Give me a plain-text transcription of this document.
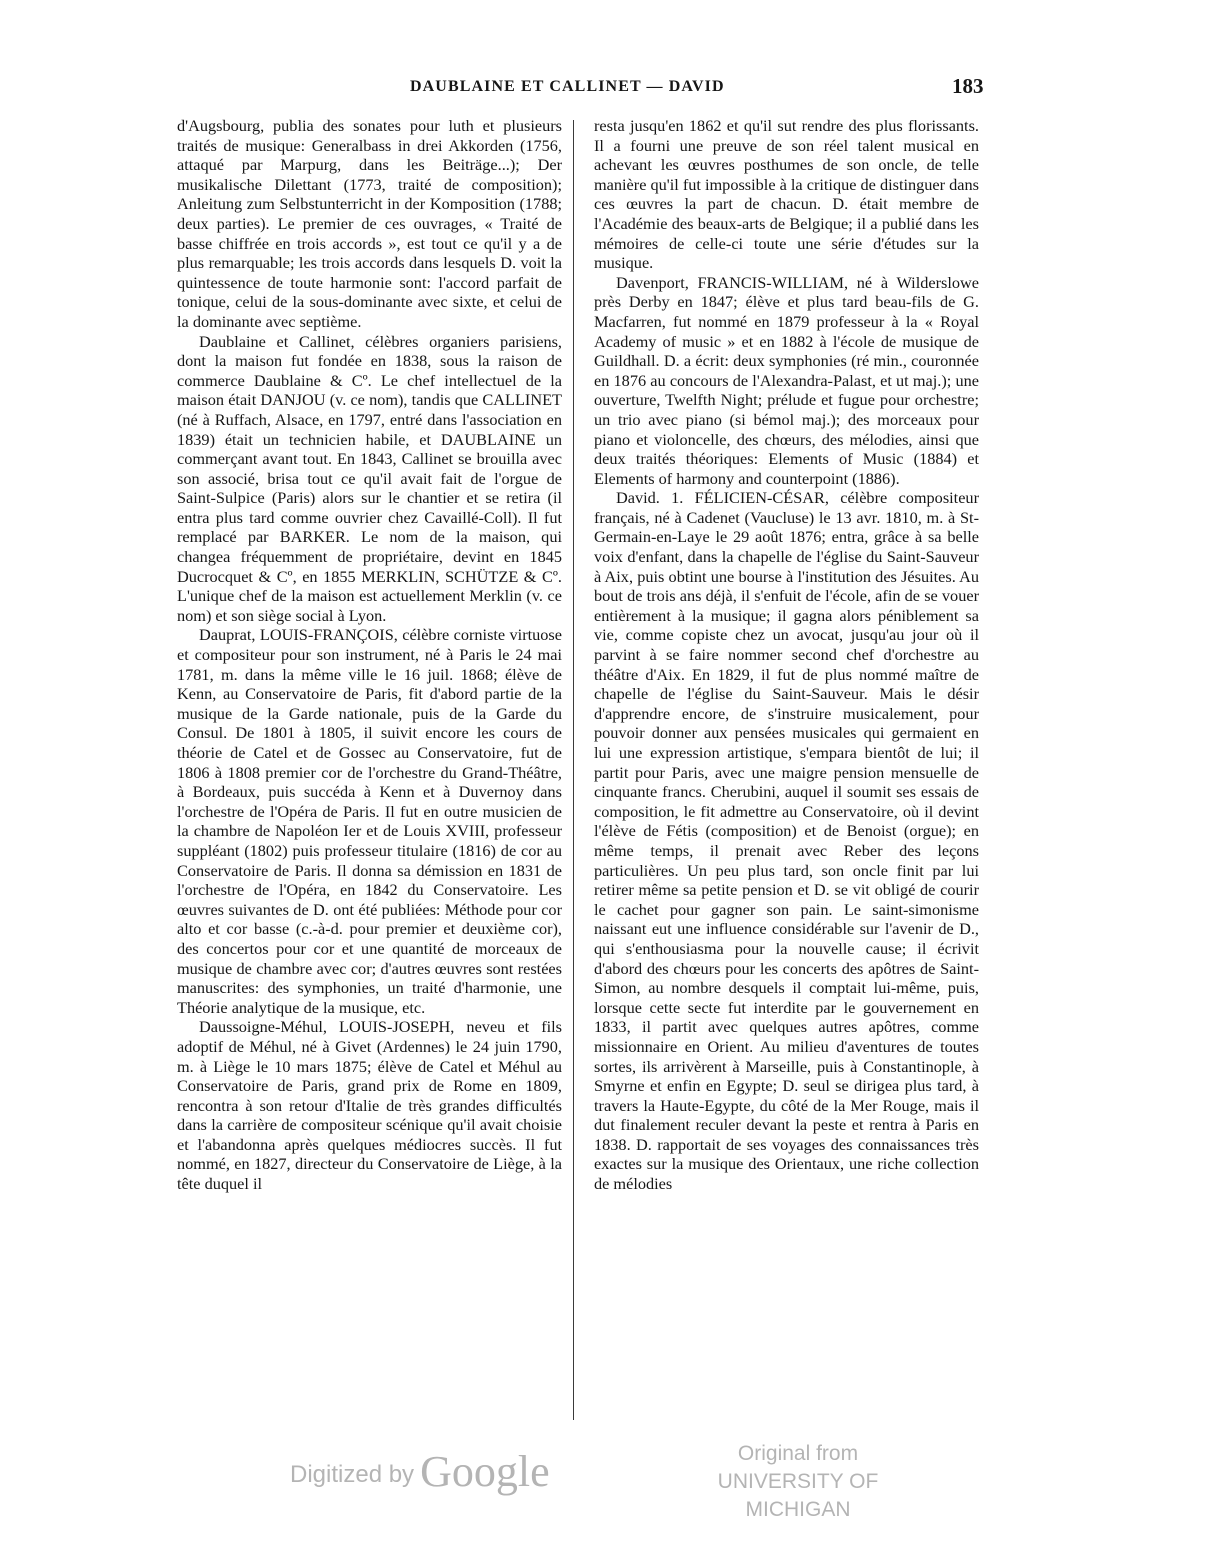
DAUBLAINE ET CALLINET — DAVID	183

d'Augsbourg, publia des sonates pour luth et plusieurs traités de musique: Generalbass in drei Akkorden (1756, attaqué par Marpurg, dans les Beiträge...); Der musikalische Dilettant (1773, traité de composition); Anleitung zum Selbstunterricht in der Komposition (1788; deux parties). Le premier de ces ouvrages, « Traité de basse chiffrée en trois accords », est tout ce qu'il y a de plus remarquable; les trois accords dans lesquels D. voit la quintessence de toute harmonie sont: l'accord parfait de tonique, celui de la sous-dominante avec sixte, et celui de la dominante avec septième.

Daublaine et Callinet, célèbres organiers parisiens, dont la maison fut fondée en 1838, sous la raison de commerce Daublaine & Cº. Le chef intellectuel de la maison était DANJOU (v. ce nom), tandis que CALLINET (né à Ruffach, Alsace, en 1797, entré dans l'association en 1839) était un technicien habile, et DAUBLAINE un commerçant avant tout. En 1843, Callinet se brouilla avec son associé, brisa tout ce qu'il avait fait de l'orgue de Saint-Sulpice (Paris) alors sur le chantier et se retira (il entra plus tard comme ouvrier chez Cavaillé-Coll). Il fut remplacé par BARKER. Le nom de la maison, qui changea fréquemment de propriétaire, devint en 1845 Ducrocquet & Cº, en 1855 MERKLIN, SCHÜTZE & Cº. L'unique chef de la maison est actuellement Merklin (v. ce nom) et son siège social à Lyon.

Dauprat, LOUIS-FRANÇOIS, célèbre corniste virtuose et compositeur pour son instrument, né à Paris le 24 mai 1781, m. dans la même ville le 16 juil. 1868; élève de Kenn, au Conservatoire de Paris, fit d'abord partie de la musique de la Garde nationale, puis de la Garde du Consul. De 1801 à 1805, il suivit encore les cours de théorie de Catel et de Gossec au Conservatoire, fut de 1806 à 1808 premier cor de l'orchestre du Grand-Théâtre, à Bordeaux, puis succéda à Kenn et à Duvernoy dans l'orchestre de l'Opéra de Paris. Il fut en outre musicien de la chambre de Napoléon Ier et de Louis XVIII, professeur suppléant (1802) puis professeur titulaire (1816) de cor au Conservatoire de Paris. Il donna sa démission en 1831 de l'orchestre de l'Opéra, en 1842 du Conservatoire. Les œuvres suivantes de D. ont été publiées: Méthode pour cor alto et cor basse (c.-à-d. pour premier et deuxième cor), des concertos pour cor et une quantité de morceaux de musique de chambre avec cor; d'autres œuvres sont restées manuscrites: des symphonies, un traité d'harmonie, une Théorie analytique de la musique, etc.

Daussoigne-Méhul, LOUIS-JOSEPH, neveu et fils adoptif de Méhul, né à Givet (Ardennes) le 24 juin 1790, m. à Liège le 10 mars 1875; élève de Catel et Méhul au Conservatoire de Paris, grand prix de Rome en 1809, rencontra à son retour d'Italie de très grandes difficultés dans la carrière de compositeur scénique qu'il avait choisie et l'abandonna après quelques médiocres succès. Il fut nommé, en 1827, directeur du Conservatoire de Liège, à la tête duquel il

resta jusqu'en 1862 et qu'il sut rendre des plus florissants. Il a fourni une preuve de son réel talent musical en achevant les œuvres posthumes de son oncle, de telle manière qu'il fut impossible à la critique de distinguer dans ces œuvres la part de chacun. D. était membre de l'Académie des beaux-arts de Belgique; il a publié dans les mémoires de celle-ci toute une série d'études sur la musique.

Davenport, FRANCIS-WILLIAM, né à Wilderslowe près Derby en 1847; élève et plus tard beau-fils de G. Macfarren, fut nommé en 1879 professeur à la « Royal Academy of music » et en 1882 à l'école de musique de Guildhall. D. a écrit: deux symphonies (ré min., couronnée en 1876 au concours de l'Alexandra-Palast, et ut maj.); une ouverture, Twelfth Night; prélude et fugue pour orchestre; un trio avec piano (si bémol maj.); des morceaux pour piano et violoncelle, des chœurs, des mélodies, ainsi que deux traités théoriques: Elements of Music (1884) et Elements of harmony and counterpoint (1886).

David. 1. FÉLICIEN-CÉSAR, célèbre compositeur français, né à Cadenet (Vaucluse) le 13 avr. 1810, m. à St-Germain-en-Laye le 29 août 1876; entra, grâce à sa belle voix d'enfant, dans la chapelle de l'église du Saint-Sauveur à Aix, puis obtint une bourse à l'institution des Jésuites. Au bout de trois ans déjà, il s'enfuit de l'école, afin de se vouer entièrement à la musique; il gagna alors péniblement sa vie, comme copiste chez un avocat, jusqu'au jour où il parvint à se faire nommer second chef d'orchestre au théâtre d'Aix. En 1829, il fut de plus nommé maître de chapelle de l'église du Saint-Sauveur. Mais le désir d'apprendre encore, de s'instruire musicalement, pour pouvoir donner aux pensées musicales qui germaient en lui une expression artistique, s'empara bientôt de lui; il partit pour Paris, avec une maigre pension mensuelle de cinquante francs. Cherubini, auquel il soumit ses essais de composition, le fit admettre au Conservatoire, où il devint l'élève de Fétis (composition) et de Benoist (orgue); en même temps, il prenait avec Reber des leçons particulières. Un peu plus tard, son oncle finit par lui retirer même sa petite pension et D. se vit obligé de courir le cachet pour gagner son pain. Le saint-simonisme naissant eut une influence considérable sur l'avenir de D., qui s'enthousiasma pour la nouvelle cause; il écrivit d'abord des chœurs pour les concerts des apôtres de Saint-Simon, au nombre desquels il comptait lui-même, puis, lorsque cette secte fut interdite par le gouvernement en 1833, il partit avec quelques autres apôtres, comme missionnaire en Orient. Au milieu d'aventures de toutes sortes, ils arrivèrent à Marseille, puis à Constantinople, à Smyrne et enfin en Egypte; D. seul se dirigea plus tard, à travers la Haute-Egypte, du côté de la Mer Rouge, mais il dut finalement reculer devant la peste et rentra à Paris en 1838. D. rapportait de ses voyages des connaissances très exactes sur la musique des Orientaux, une riche collection de mélodies

Digitized by Google	Original from
UNIVERSITY OF MICHIGAN
